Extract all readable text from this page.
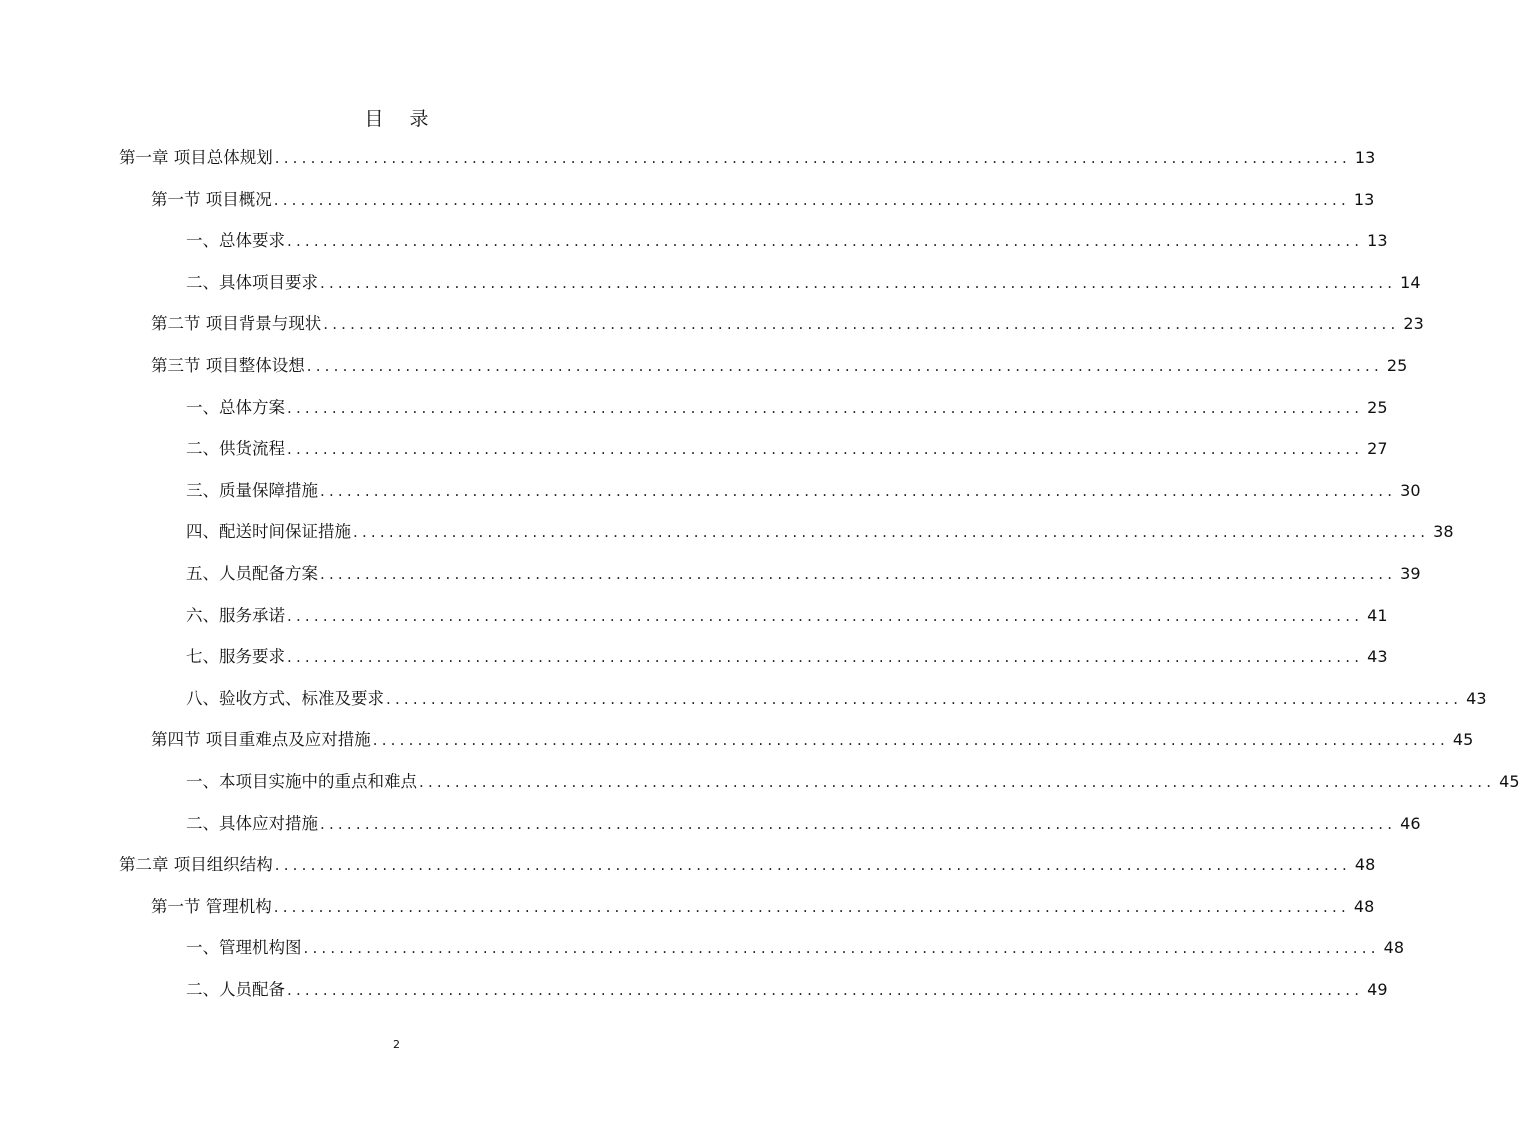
目 录
第一章 项目总体规划 ........................................................................................................................ 13
第一节 项目概况 ........................................................................................................................ 13
一、总体要求 ........................................................................................................................ 13
二、具体项目要求 ........................................................................................................................ 14
第二节 项目背景与现状 ........................................................................................................................ 23
第三节 项目整体设想 ........................................................................................................................ 25
一、总体方案 ........................................................................................................................ 25
二、供货流程 ........................................................................................................................ 27
三、质量保障措施 ........................................................................................................................ 30
四、配送时间保证措施 ........................................................................................................................ 38
五、人员配备方案 ........................................................................................................................ 39
六、服务承诺 ........................................................................................................................ 41
七、服务要求 ........................................................................................................................ 43
八、验收方式、标准及要求 ........................................................................................................................ 43
第四节 项目重难点及应对措施 ........................................................................................................................ 45
一、本项目实施中的重点和难点 ........................................................................................................................ 45
二、具体应对措施 ........................................................................................................................ 46
第二章 项目组织结构 ........................................................................................................................ 48
第一节 管理机构 ........................................................................................................................ 48
一、管理机构图 ........................................................................................................................ 48
二、人员配备 ........................................................................................................................ 49
2
